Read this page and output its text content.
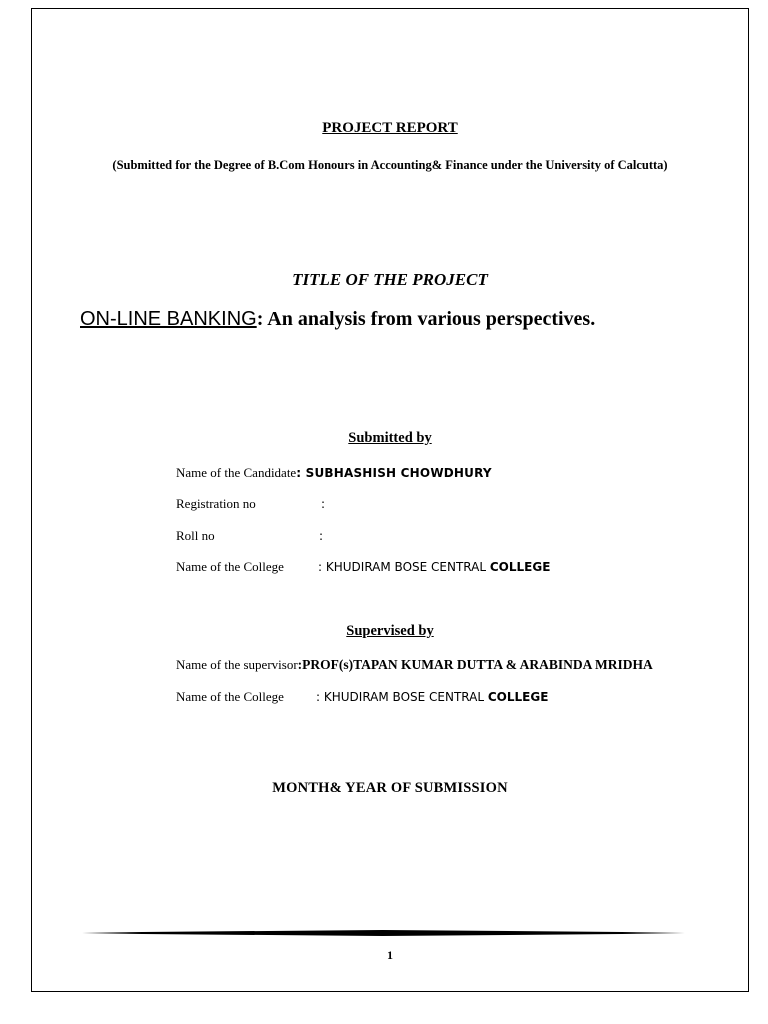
PROJECT REPORT
(Submitted for the Degree of B.Com Honours in Accounting& Finance under the University of Calcutta)
TITLE OF THE PROJECT
ON-LINE BANKING: An analysis from various perspectives.
Submitted by
Name of the Candidate: SUBHASHISH CHOWDHURY
Registration no	:
Roll no	:
Name of the College	: KHUDIRAM BOSE CENTRAL COLLEGE
Supervised by
Name of the supervisor:PROF(s)TAPAN KUMAR DUTTA & ARABINDA MRIDHA
Name of the College	: KHUDIRAM BOSE CENTRAL COLLEGE
MONTH& YEAR OF SUBMISSION
1
